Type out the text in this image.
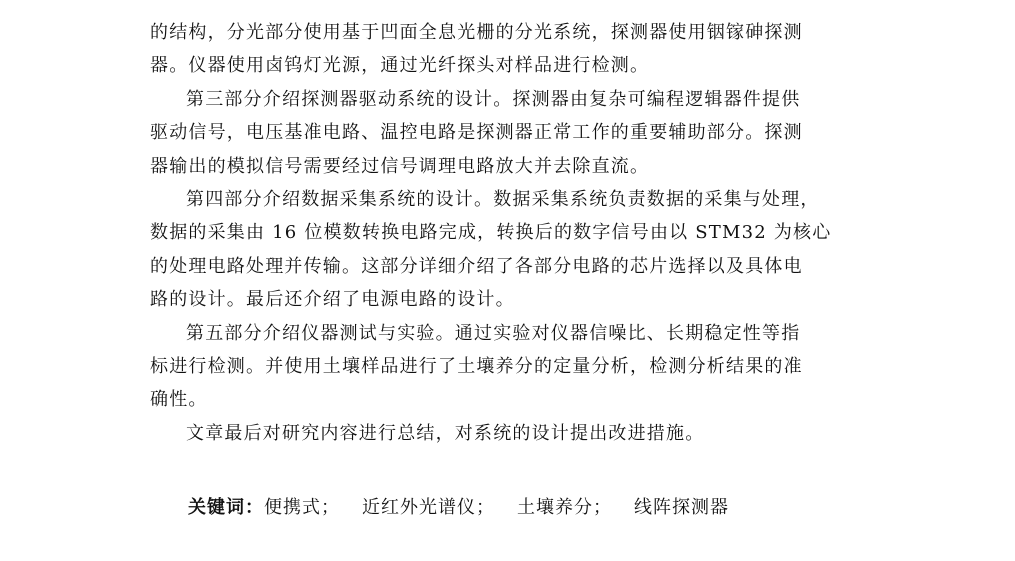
的结构，分光部分使用基于凹面全息光栅的分光系统，探测器使用铟镓砷探测
器。仪器使用卤钨灯光源，通过光纤探头对样品进行检测。
第三部分介绍探测器驱动系统的设计。探测器由复杂可编程逻辑器件提供
驱动信号，电压基准电路、温控电路是探测器正常工作的重要辅助部分。探测
器输出的模拟信号需要经过信号调理电路放大并去除直流。
第四部分介绍数据采集系统的设计。数据采集系统负责数据的采集与处理，
数据的采集由 16 位模数转换电路完成，转换后的数字信号由以 STM32 为核心
的处理电路处理并传输。这部分详细介绍了各部分电路的芯片选择以及具体电
路的设计。最后还介绍了电源电路的设计。
第五部分介绍仪器测试与实验。通过实验对仪器信噪比、长期稳定性等指
标进行检测。并使用土壤样品进行了土壤养分的定量分析，检测分析结果的准
确性。
文章最后对研究内容进行总结，对系统的设计提出改进措施。
关键词：便携式； 近红外光谱仪； 土壤养分； 线阵探测器
